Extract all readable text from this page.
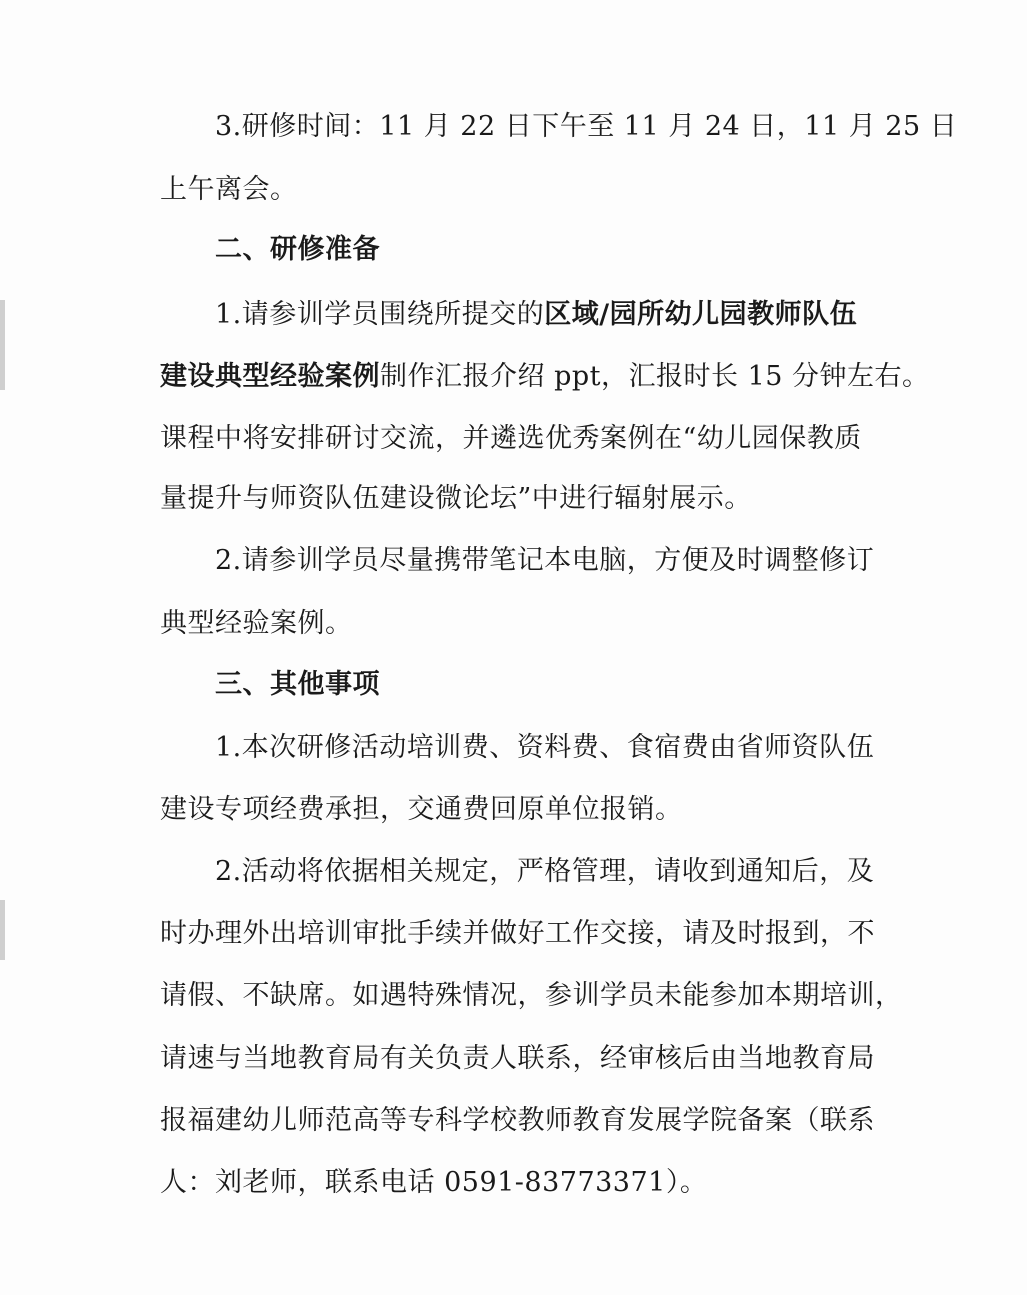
3.研修时间：11 月 22 日下午至 11 月 24 日，11 月 25 日
上午离会。
二、研修准备
1.请参训学员围绕所提交的区域/园所幼儿园教师队伍
建设典型经验案例制作汇报介绍 ppt，汇报时长 15 分钟左右。
课程中将安排研讨交流，并遴选优秀案例在“幼儿园保教质
量提升与师资队伍建设微论坛”中进行辐射展示。
2.请参训学员尽量携带笔记本电脑，方便及时调整修订
典型经验案例。
三、其他事项
1.本次研修活动培训费、资料费、食宿费由省师资队伍
建设专项经费承担，交通费回原单位报销。
2.活动将依据相关规定，严格管理，请收到通知后，及
时办理外出培训审批手续并做好工作交接，请及时报到，不
请假、不缺席。如遇特殊情况，参训学员未能参加本期培训，
请速与当地教育局有关负责人联系，经审核后由当地教育局
报福建幼儿师范高等专科学校教师教育发展学院备案（联系
人：刘老师，联系电话 0591-83773371）。
